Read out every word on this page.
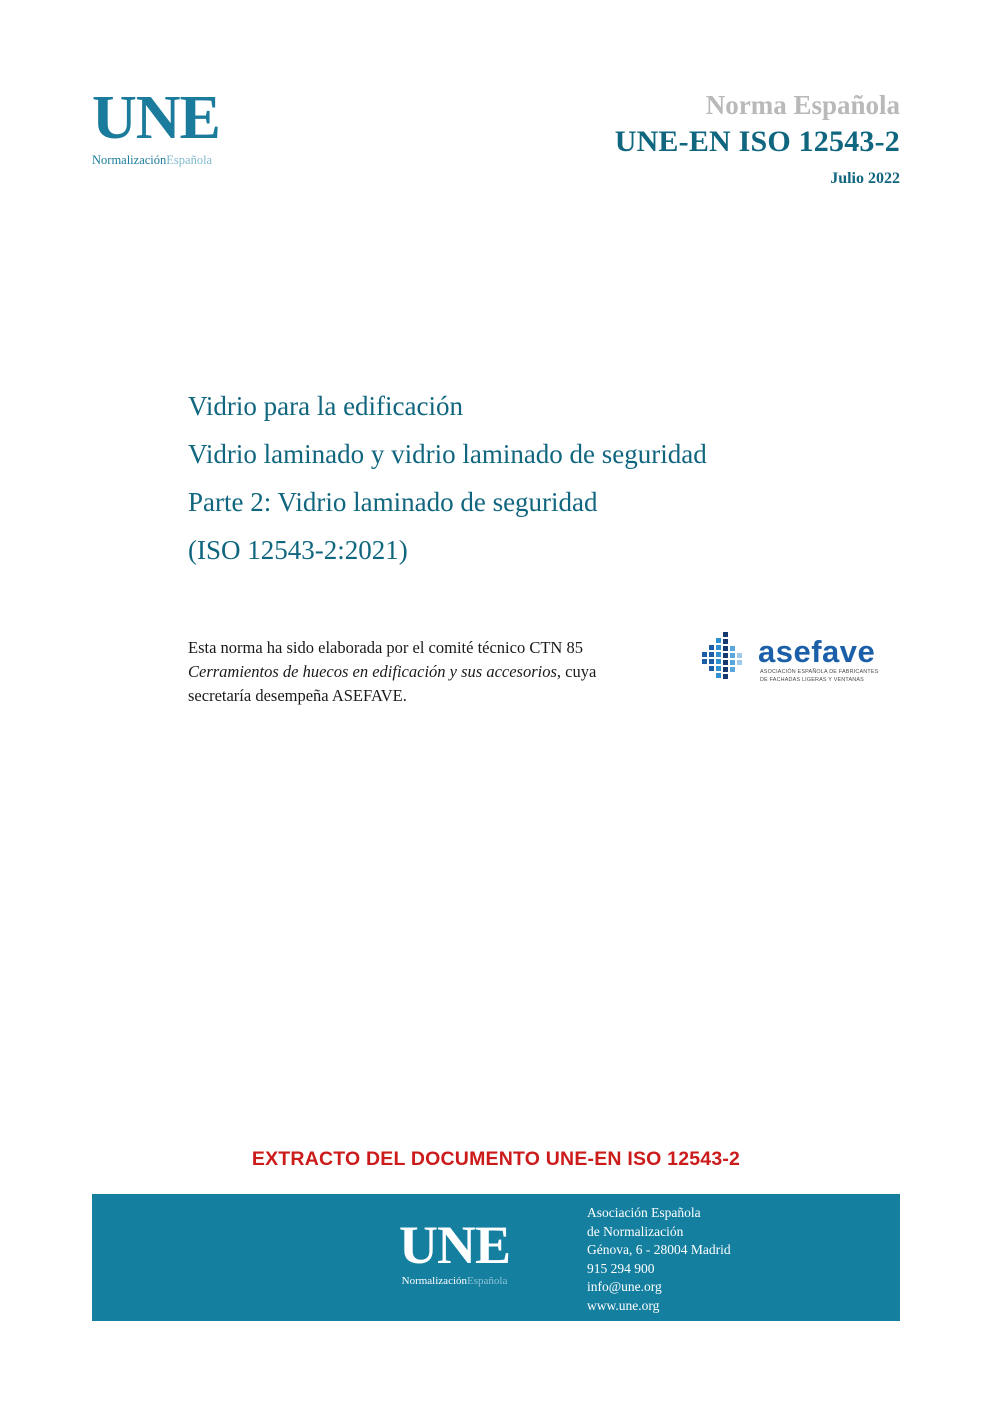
UNE
NormalizaciónEspañola
Norma Española
UNE-EN ISO 12543-2
Julio 2022
Vidrio para la edificación
Vidrio laminado y vidrio laminado de seguridad
Parte 2: Vidrio laminado de seguridad
(ISO 12543-2:2021)
Esta norma ha sido elaborada por el comité técnico CTN 85 Cerramientos de huecos en edificación y sus accesorios, cuya secretaría desempeña ASEFAVE.
asefave
ASOCIACIÓN ESPAÑOLA DE FABRICANTES
DE FACHADAS LIGERAS Y VENTANAS
EXTRACTO DEL DOCUMENTO UNE-EN ISO 12543-2
UNE
NormalizaciónEspañola
Asociación Española
de Normalización
Génova, 6 - 28004 Madrid
915 294 900
info@une.org
www.une.org
